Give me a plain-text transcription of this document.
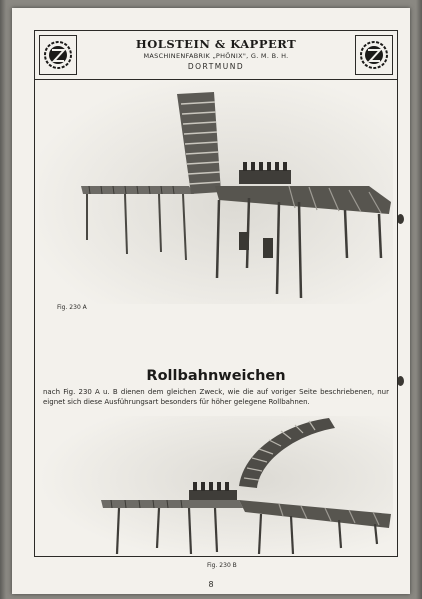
HOLSTEIN & KAPPERT
MASCHINENFABRIK „PHÖNIX", G. M. B. H.
DORTMUND
Fig. 230 A
Rollbahnweichen
nach Fig. 230 A u. B dienen dem gleichen Zweck, wie die auf voriger Seite beschriebenen, nur eignet sich diese Ausführungsart besonders für höher gelegene Rollbahnen.
Fig. 230 B
8
